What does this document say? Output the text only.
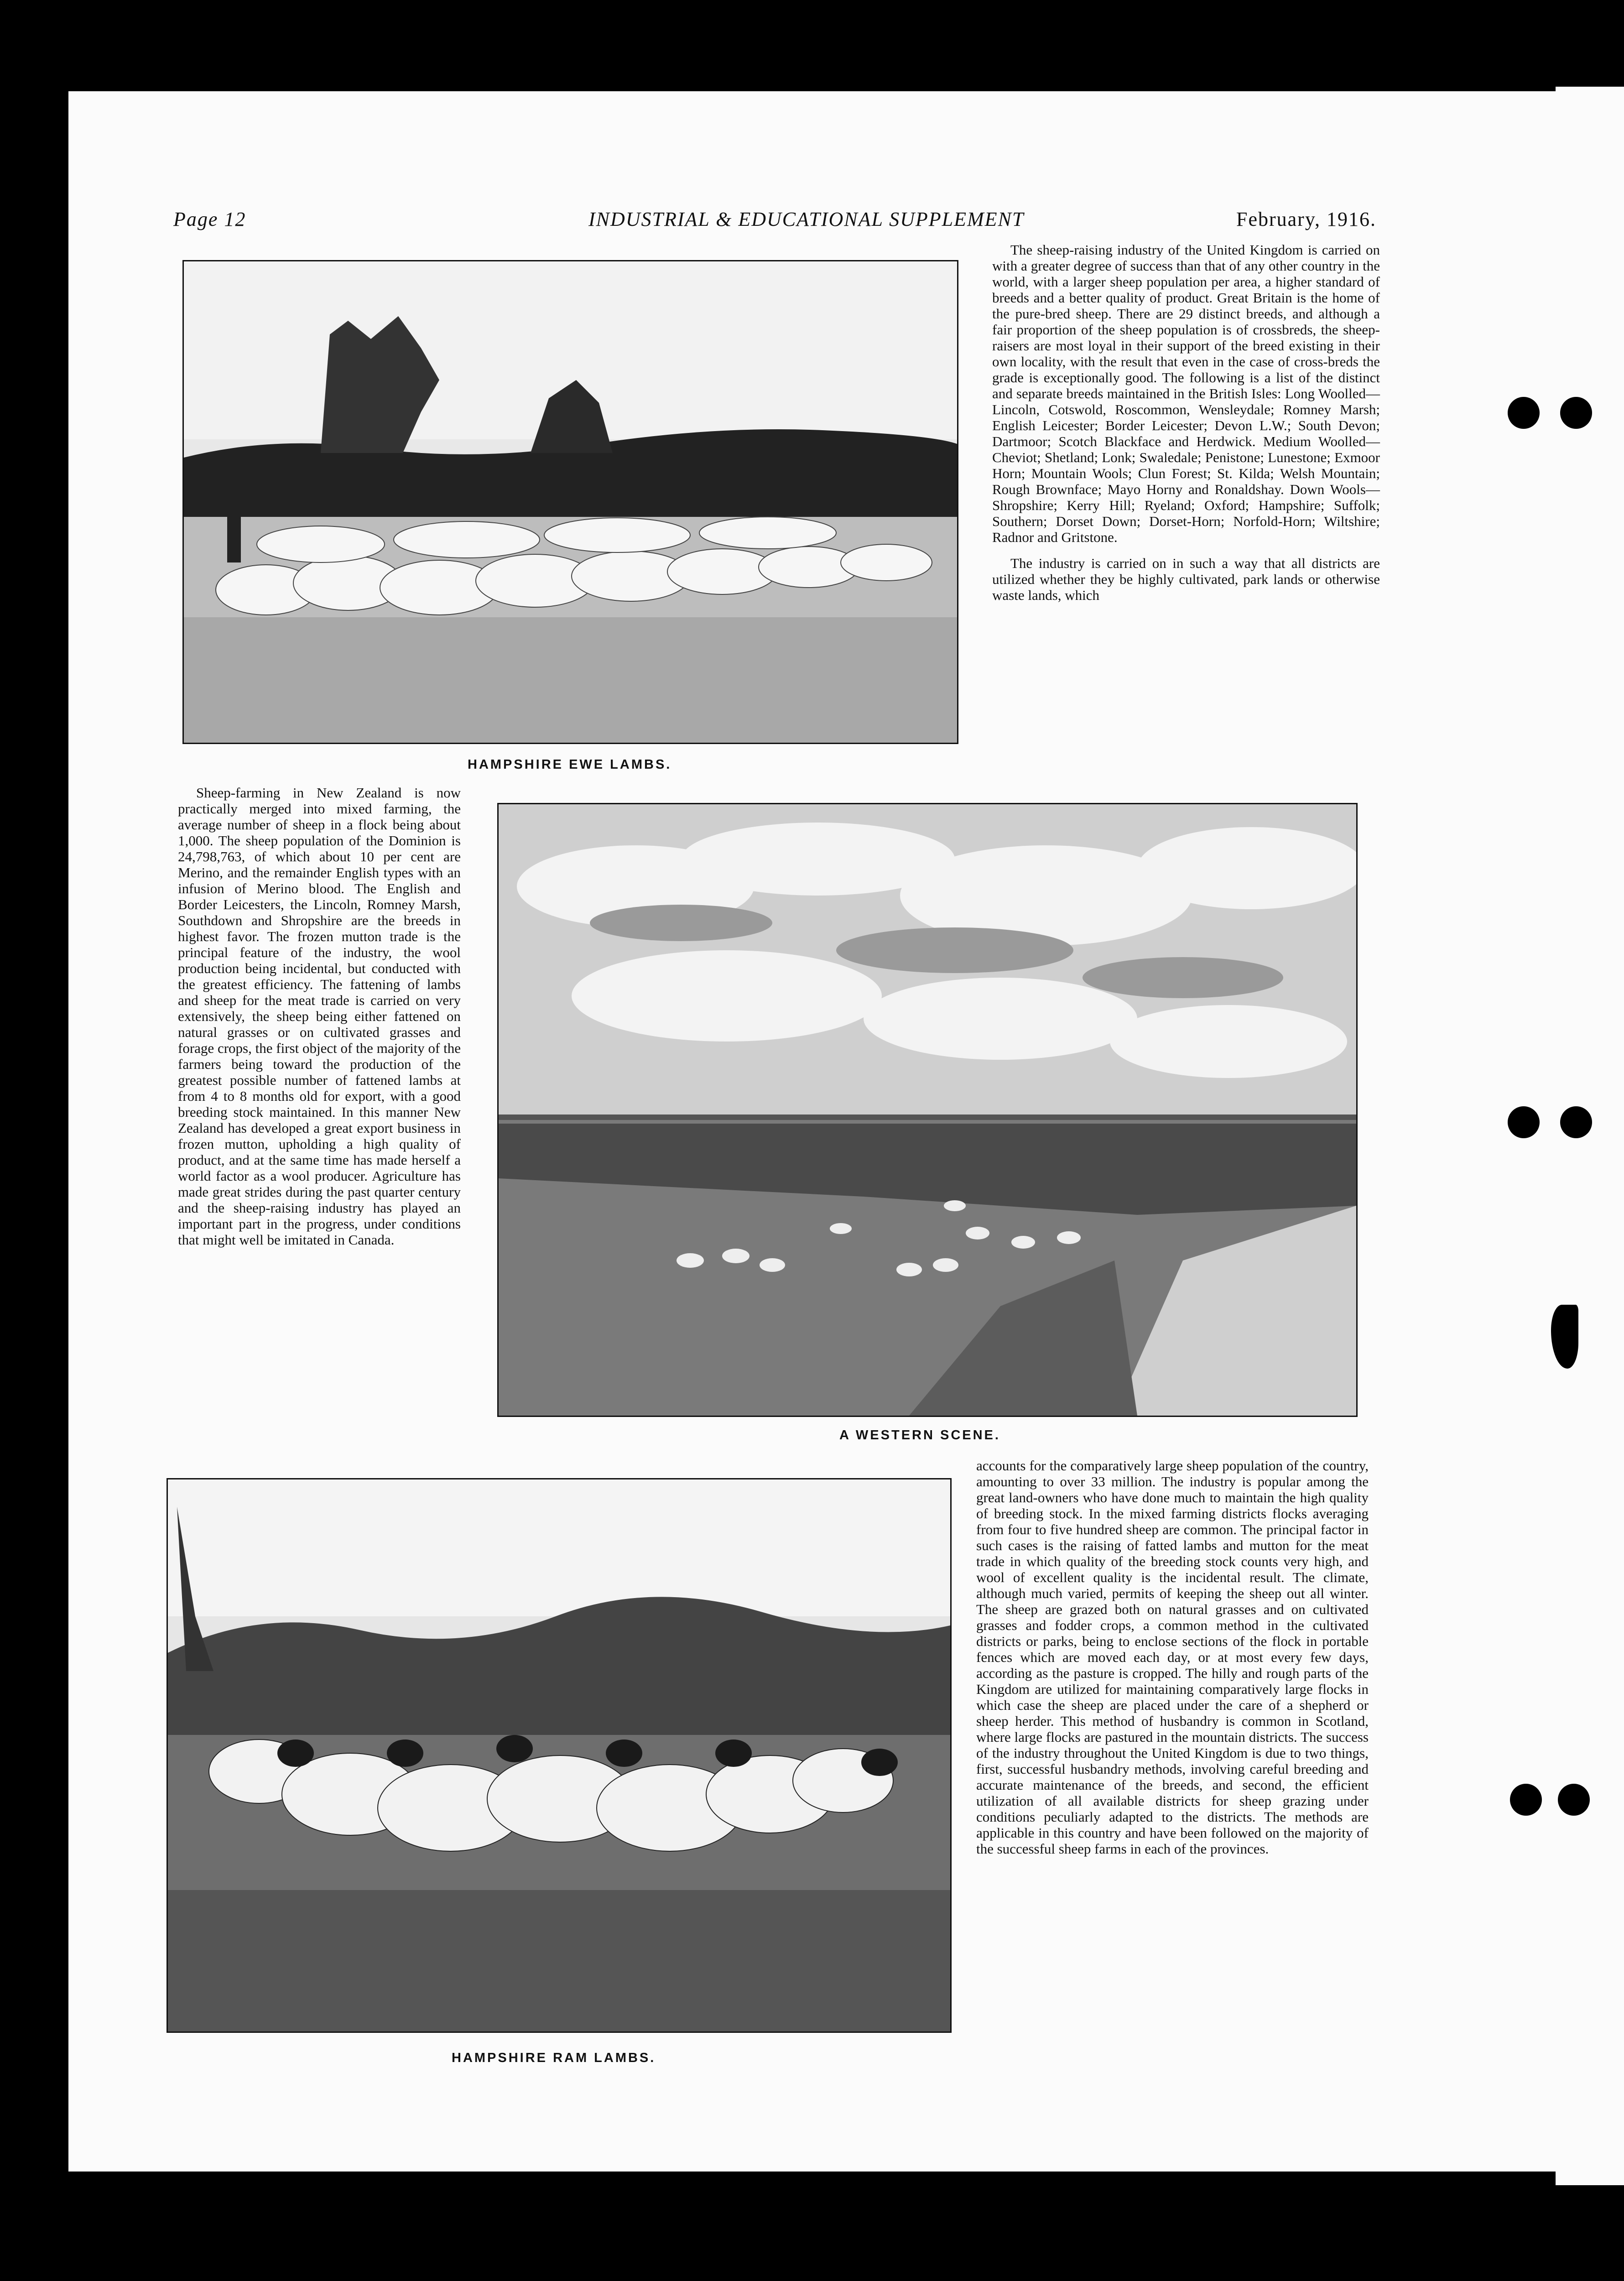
Page 12	INDUSTRIAL & EDUCATIONAL SUPPLEMENT	February, 1916.
HAMPSHIRE EWE LAMBS.

The sheep-raising industry of the United Kingdom is carried on with a greater degree of success than that of any other country in the world, with a larger sheep population per area, a higher standard of breeds and a better quality of product. Great Britain is the home of the pure-bred sheep. There are 29 distinct breeds, and although a fair proportion of the sheep population is of crossbreds, the sheep-raisers are most loyal in their support of the breed existing in their own locality, with the result that even in the case of cross-breds the grade is exceptionally good. The following is a list of the distinct and separate breeds maintained in the British Isles: Long Woolled—Lincoln, Cotswold, Roscommon, Wensleydale; Romney Marsh; English Leicester; Border Leicester; Devon L.W.; South Devon; Dartmoor; Scotch Blackface and Herdwick. Medium Woolled—Cheviot; Shetland; Lonk; Swaledale; Penistone; Lunestone; Exmoor Horn; Mountain Wools; Clun Forest; St. Kilda; Welsh Mountain; Rough Brownface; Mayo Horny and Ronaldshay. Down Wools—Shropshire; Kerry Hill; Ryeland; Oxford; Hampshire; Suffolk; Southern; Dorset Down; Dorset-Horn; Norfold-Horn; Wiltshire; Radnor and Gritstone.

The industry is carried on in such a way that all districts are utilized whether they be highly cultivated, park lands or otherwise waste lands, which

Sheep-farming in New Zealand is now practically merged into mixed farming, the average number of sheep in a flock being about 1,000. The sheep population of the Dominion is 24,798,763, of which about 10 per cent are Merino, and the remainder English types with an infusion of Merino blood. The English and Border Leicesters, the Lincoln, Romney Marsh, Southdown and Shropshire are the breeds in highest favor. The frozen mutton trade is the principal feature of the industry, the wool production being incidental, but conducted with the greatest efficiency. The fattening of lambs and sheep for the meat trade is carried on very extensively, the sheep being either fattened on natural grasses or on cultivated grasses and forage crops, the first object of the majority of the farmers being toward the production of the greatest possible number of fattened lambs at from 4 to 8 months old for export, with a good breeding stock maintained. In this manner New Zealand has developed a great export business in frozen mutton, upholding a high quality of product, and at the same time has made herself a world factor as a wool producer. Agriculture has made great strides during the past quarter century and the sheep-raising industry has played an important part in the progress, under conditions that might well be imitated in Canada.

A WESTERN SCENE.
HAMPSHIRE RAM LAMBS.

accounts for the comparatively large sheep population of the country, amounting to over 33 million. The industry is popular among the great land-owners who have done much to maintain the high quality of breeding stock. In the mixed farming districts flocks averaging from four to five hundred sheep are common. The principal factor in such cases is the raising of fatted lambs and mutton for the meat trade in which quality of the breeding stock counts very high, and wool of excellent quality is the incidental result. The climate, although much varied, permits of keeping the sheep out all winter. The sheep are grazed both on natural grasses and on cultivated grasses and fodder crops, a common method in the cultivated districts or parks, being to enclose sections of the flock in portable fences which are moved each day, or at most every few days, according as the pasture is cropped. The hilly and rough parts of the Kingdom are utilized for maintaining comparatively large flocks in which case the sheep are placed under the care of a shepherd or sheep herder. This method of husbandry is common in Scotland, where large flocks are pastured in the mountain districts. The success of the industry throughout the United Kingdom is due to two things, first, successful husbandry methods, involving careful breeding and accurate maintenance of the breeds, and second, the efficient utilization of all available districts for sheep grazing under conditions peculiarly adapted to the districts. The methods are applicable in this country and have been followed on the majority of the successful sheep farms in each of the provinces.
